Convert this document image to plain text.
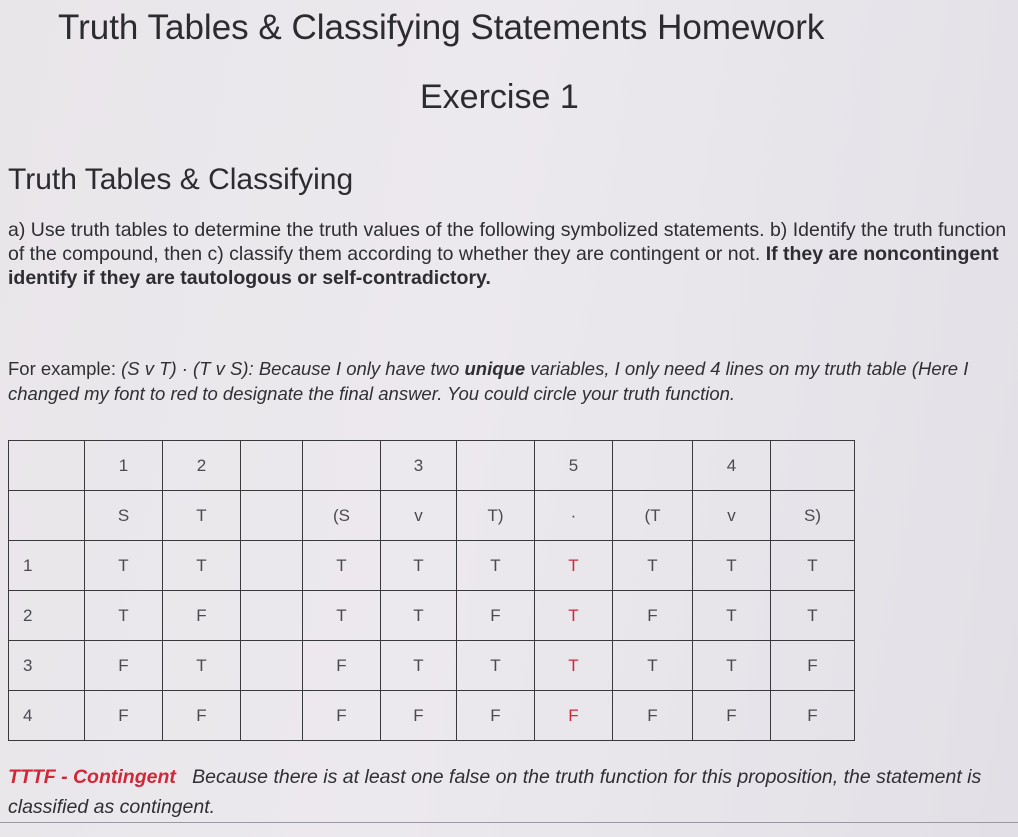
Truth Tables & Classifying Statements Homework
Exercise 1
Truth Tables & Classifying

a) Use truth tables to determine the truth values of the following symbolized statements. b) Identify the truth function of the compound, then c) classify them according to whether they are contingent or not. If they are noncontingent identify if they are tautologous or self-contradictory.

For example: (S v T) · (T v S): Because I only have two unique variables, I only need 4 lines on my truth table (Here I changed my font to red to designate the final answer. You could circle your truth function.

	1	2			3		5		4	
	S	T		(S	v	T)	·	(T	v	S)
1	T	T		T	T	T	T	T	T	T
2	T	F		T	T	F	T	F	T	T
3	F	T		F	T	T	T	T	T	F
4	F	F		F	F	F	F	F	F	F

TTTF - Contingent Because there is at least one false on the truth function for this proposition, the statement is classified as contingent.
